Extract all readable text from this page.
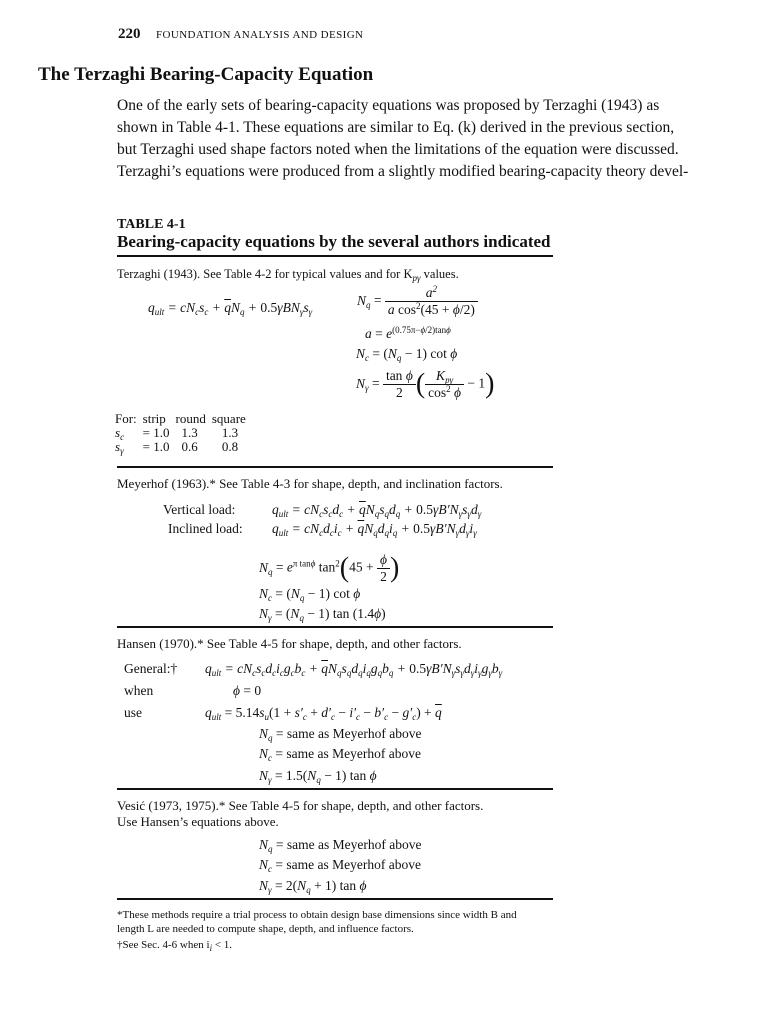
220 FOUNDATION ANALYSIS AND DESIGN
The Terzaghi Bearing-Capacity Equation

One of the early sets of bearing-capacity equations was proposed by Terzaghi (1943) as

shown in Table 4-1. These equations are similar to Eq. (k) derived in the previous section,

but Terzaghi used shape factors noted when the limitations of the equation were discussed.

Terzaghi’s equations were produced from a slightly modified bearing-capacity theory devel-

TABLE 4-1
Bearing-capacity equations by the several authors indicated
Terzaghi (1943). See Table 4-2 for typical values and for $K_{p\gamma}$ values.
$q_{ult} = cN_cs_c + \overline{q}N_q + 0.5\gamma BN_\gamma s_\gamma$
$N_q = \frac{a^2}{a \cos^2(45 + \phi/2)}$
$a = e^{(0.75\pi-\phi/2)tan\phi}$
$N_c = (N_q - 1)$ cot ϕ
$N_\gamma = \frac{\text{tan ϕ}}{2}$ ( $\frac{K_{p\gamma}}{\cos^2 \phi} - 1$)
For:	strip	round	square
$s_c$	= 1.0	1.3	1.3
$s_\gamma$	= 1.0	0.6	0.8
Meyerhof (1963).* See Table 4-3 for shape, depth, and inclination factors.
Vertical load:	$q_{ult} = cN_cs_cd_c + \overline{q}N_qs_qd_q + 0.5\gamma B'N_\gamma s_\gamma d_\gamma$
Inclined load: $q_{ult} = cN_cd_ci_c + \overline{q}N_qd_qi_q + 0.5\gamma B'N_\gamma d_\gamma i_\gamma$
$N_q = e^{\pi tan\phi}$ $\tan^2(45 + \frac{\phi}{2}$ )
$N_c = (N_q - 1)$ cot ϕ
$N_\gamma = (N_q - 1)$ tan (1.4ϕ)
Hansen (1970).* See Table 4-5 for shape, depth, and other factors.
General:† $q_{ult} = cN_cs_cd_ci_cg_cb_c + \overline{q}N_qs_qd_qi_qg_qb_q + 0.5\gamma B'N_\gamma s_\gamma d_\gamma i_\gamma g_\gamma b_\gamma$
when	ϕ = 0
use	$q_{ult} = 5.14s_u(1 + s'_c + d'_c - i'_c - b'_c - g'_c) + \overline{q}$
$N_q$ = same as Meyerhof above
$N_c$ = same as Meyerhof above
$N_\gamma = 1.5(N_q - 1)$ tan ϕ
Vesić (1973, 1975).* See Table 4-5 for shape, depth, and other factors.
Use Hansen’s equations above.
$N_q$ = same as Meyerhof above
$N_c$ = same as Meyerhof above
$N_\gamma = 2(N_q + 1)$ tan ϕ
*These methods require a trial process to obtain design base dimensions since width B and
length L are needed to compute shape, depth, and influence factors.
†See Sec. 4-6 when $i_i < 1$.
